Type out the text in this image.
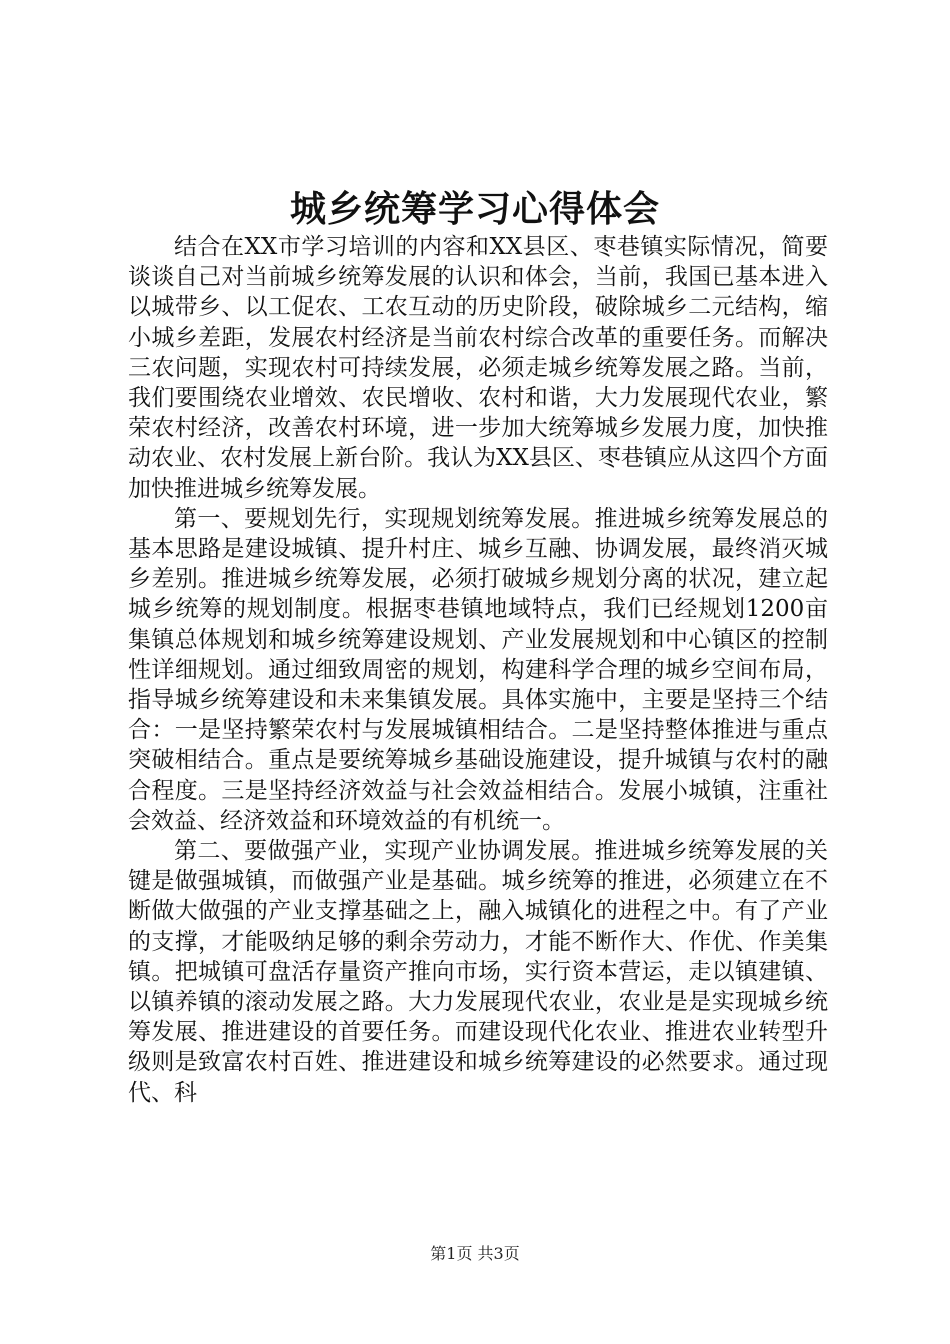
城乡统筹学习心得体会

结合在XX市学习培训的内容和XX县区、枣巷镇实际情况，简要谈谈自己对当前城乡统筹发展的认识和体会，当前，我国已基本进入以城带乡、以工促农、工农互动的历史阶段，破除城乡二元结构，缩小城乡差距，发展农村经济是当前农村综合改革的重要任务。而解决三农问题，实现农村可持续发展，必须走城乡统筹发展之路。当前，我们要围绕农业增效、农民增收、农村和谐，大力发展现代农业，繁荣农村经济，改善农村环境，进一步加大统筹城乡发展力度，加快推动农业、农村发展上新台阶。我认为XX县区、枣巷镇应从这四个方面加快推进城乡统筹发展。

第一、要规划先行，实现规划统筹发展。推进城乡统筹发展总的基本思路是建设城镇、提升村庄、城乡互融、协调发展，最终消灭城乡差别。推进城乡统筹发展，必须打破城乡规划分离的状况，建立起城乡统筹的规划制度。根据枣巷镇地域特点，我们已经规划1200亩集镇总体规划和城乡统筹建设规划、产业发展规划和中心镇区的控制性详细规划。通过细致周密的规划，构建科学合理的城乡空间布局，指导城乡统筹建设和未来集镇发展。具体实施中，主要是坚持三个结合：一是坚持繁荣农村与发展城镇相结合。二是坚持整体推进与重点突破相结合。重点是要统筹城乡基础设施建设，提升城镇与农村的融合程度。三是坚持经济效益与社会效益相结合。发展小城镇，注重社会效益、经济效益和环境效益的有机统一。

第二、要做强产业，实现产业协调发展。推进城乡统筹发展的关键是做强城镇，而做强产业是基础。城乡统筹的推进，必须建立在不断做大做强的产业支撑基础之上，融入城镇化的进程之中。有了产业的支撑，才能吸纳足够的剩余劳动力，才能不断作大、作优、作美集镇。把城镇可盘活存量资产推向市场，实行资本营运，走以镇建镇、以镇养镇的滚动发展之路。大力发展现代农业，农业是是实现城乡统筹发展、推进建设的首要任务。而建设现代化农业、推进农业转型升级则是致富农村百姓、推进建设和城乡统筹建设的必然要求。通过现代、科

第1页 共3页
